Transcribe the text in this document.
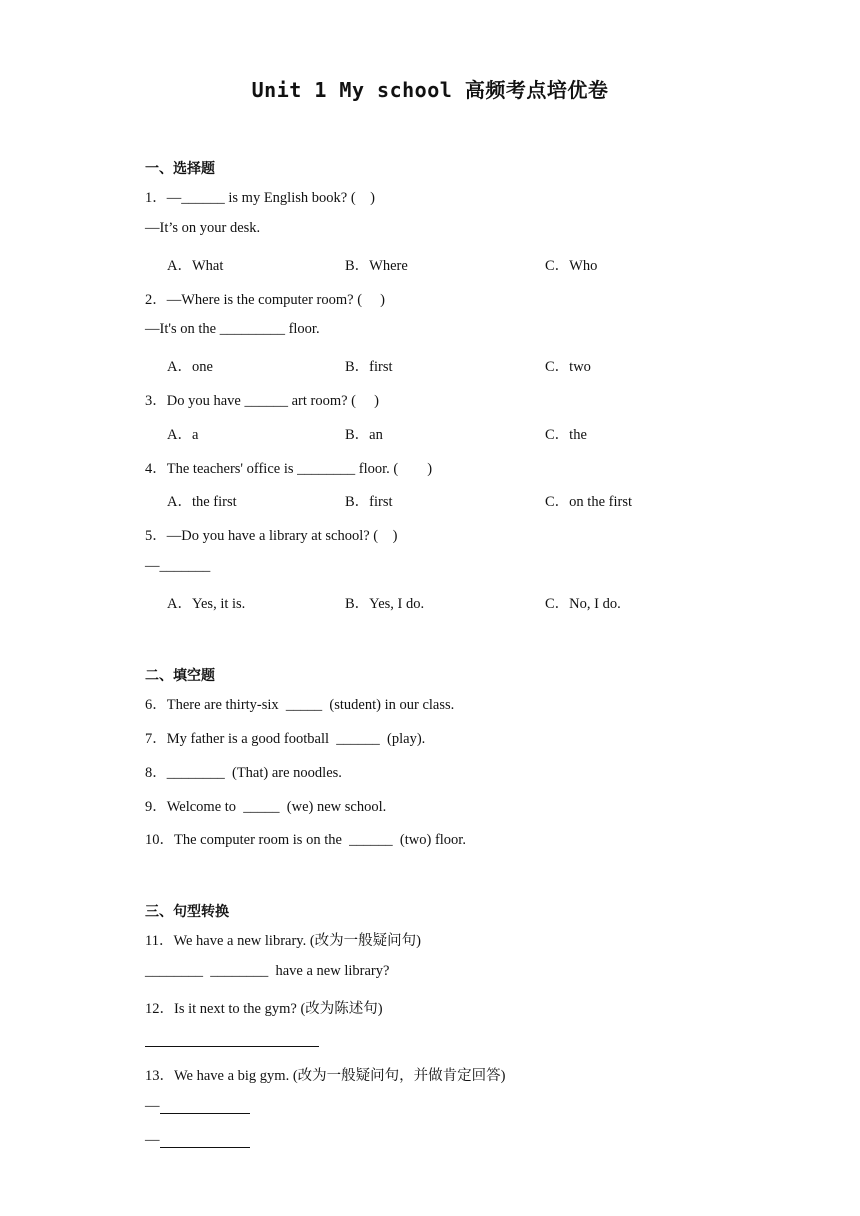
Unit 1 My school 高频考点培优卷
一、选择题
1．—______ is my English book? (    )
—It’s on your desk.
A．What	B．Where	C．Who
2．—Where is the computer room? (     )
—It's on the _________ floor.
A．one	B．first	C．two
3．Do you have ______ art room? (     )
A．a	B．an	C．the
4．The teachers' office is ________ floor. (        )
A．the first	B．first	C．on the first
5．—Do you have a library at school? (    )
—_______
A．Yes, it is.	B．Yes, I do.	C．No, I do.
二、填空题
6．There are thirty-six  _____  (student) in our class.
7．My father is a good football  ______  (play).
8．________  (That) are noodles.
9．Welcome to  _____  (we) new school.
10．The computer room is on the  ______  (two) floor.
三、句型转换
11．We have a new library. (改为一般疑问句)
________  ________  have a new library?
12．Is it next to the gym? (改为陈述句)
13．We have a big gym. (改为一般疑问句，并做肯定回答)
—
—
